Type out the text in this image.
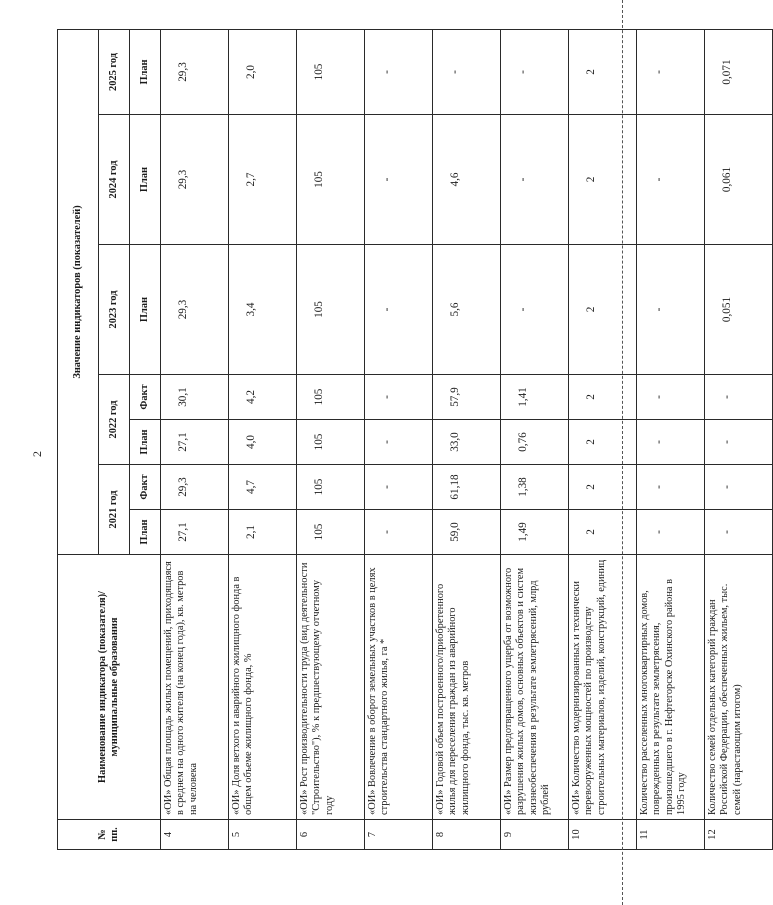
2
№ пп.	Наименование индикатора (показателя)/муниципальные образования	Значение индикаторов (показателей)						
		2021 год		2022 год		2023 год	2024 год	2025 год
		План	Факт	План	Факт	План	План	План
4	«ОИ» Общая площадь жилых помещений, приходящаяся в среднем на одного жителя (на конец года), кв. метров на человека	27,1	29,3	27,1	30,1	29,3	29,3	29,3
5	«ОИ» Доля ветхого и аварийного жилищного фонда в общем объеме жилищного фонда, %	2,1	4,7	4,0	4,2	3,4	2,7	2,0
6	«ОИ» Рост производительности труда (вид деятельности "Строительство"), % к предшествующему отчетному году	105	105	105	105	105	105	105
7	«ОИ» Вовлечение в оборот земельных участков в целях строительства стандартного жилья, га *	-	-	-	-	-	-	-
8	«ОИ» Годовой объем построенного/приобретенного жилья для переселения граждан из аварийного жилищного фонда, тыс. кв. метров	59,0	61,18	33,0	57,9	5,6	4,6	-
9	«ОИ» Размер предотвращенного ущерба от возможного разрушения жилых домов, основных объектов и систем жизнеобеспечения в результате землетрясений, млрд рублей	1,49	1,38	0,76	1,41	-	-	-
10	«ОИ» Количество модернизированных и технически перевооруженных мощностей по производству строительных материалов, изделий, конструкций, единиц	2	2	2	2	2	2	2
11	Количество расселенных многоквартирных домов, поврежденных в результате землетрясения, произошедшего в г. Нефтегорске Охинского района в 1995 году	-	-	-	-	-	-	-
12	Количество семей отдельных категорий граждан Российской Федерации, обеспеченных жильем, тыс. семей (нарастающим итогом)	-	-	-	-	0,051	0,061	0,071
